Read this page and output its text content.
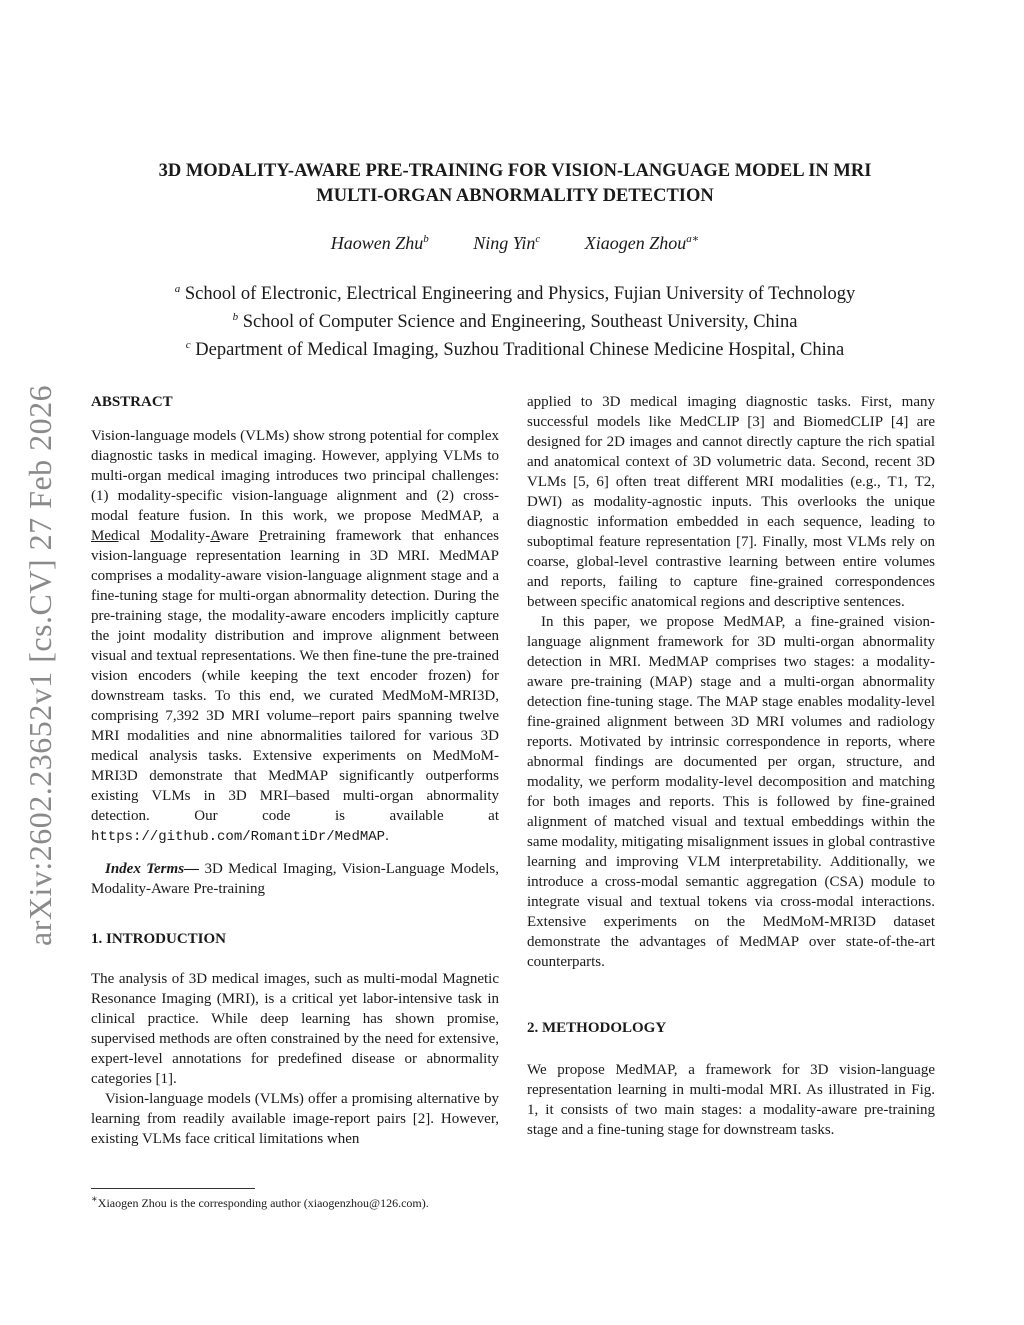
arXiv:2602.23652v1 [cs.CV] 27 Feb 2026
3D MODALITY-AWARE PRE-TRAINING FOR VISION-LANGUAGE MODEL IN MRI
MULTI-ORGAN ABNORMALITY DETECTION
Haowen Zhu$^b$ Ning Yin$^c$ Xiaogen Zhou$^{a∗}$
$^a$ School of Electronic, Electrical Engineering and Physics, Fujian University of Technology
$^b$ School of Computer Science and Engineering, Southeast University, China
$^c$ Department of Medical Imaging, Suzhou Traditional Chinese Medicine Hospital, China

ABSTRACT

Vision-language models (VLMs) show strong potential for complex diagnostic tasks in medical imaging. However, applying VLMs to multi-organ medical imaging introduces two principal challenges: (1) modality-specific vision-language alignment and (2) cross-modal feature fusion. In this work, we propose MedMAP, a Medical Modality-Aware Pretraining framework that enhances vision-language representation learning in 3D MRI. MedMAP comprises a modality-aware vision-language alignment stage and a fine-tuning stage for multi-organ abnormality detection. During the pre-training stage, the modality-aware encoders implicitly capture the joint modality distribution and improve alignment between visual and textual representations. We then fine-tune the pre-trained vision encoders (while keeping the text encoder frozen) for downstream tasks. To this end, we curated MedMoM-MRI3D, comprising 7,392 3D MRI volume–report pairs spanning twelve MRI modalities and nine abnormalities tailored for various 3D medical analysis tasks. Extensive experiments on MedMoM-MRI3D demonstrate that MedMAP significantly outperforms existing VLMs in 3D MRI–based multi-organ abnormality detection. Our code is available at https://github.com/RomantiDr/MedMAP.

Index Terms— 3D Medical Imaging, Vision-Language Models, Modality-Aware Pre-training

1. INTRODUCTION

The analysis of 3D medical images, such as multi-modal Magnetic Resonance Imaging (MRI), is a critical yet labor-intensive task in clinical practice. While deep learning has shown promise, supervised methods are often constrained by the need for extensive, expert-level annotations for predefined disease or abnormality categories [1].

Vision-language models (VLMs) offer a promising alternative by learning from readily available image-report pairs [2]. However, existing VLMs face critical limitations when

applied to 3D medical imaging diagnostic tasks. First, many successful models like MedCLIP [3] and BiomedCLIP [4] are designed for 2D images and cannot directly capture the rich spatial and anatomical context of 3D volumetric data. Second, recent 3D VLMs [5, 6] often treat different MRI modalities (e.g., T1, T2, DWI) as modality-agnostic inputs. This overlooks the unique diagnostic information embedded in each sequence, leading to suboptimal feature representation [7]. Finally, most VLMs rely on coarse, global-level contrastive learning between entire volumes and reports, failing to capture fine-grained correspondences between specific anatomical regions and descriptive sentences.

In this paper, we propose MedMAP, a fine-grained vision-language alignment framework for 3D multi-organ abnormality detection in MRI. MedMAP comprises two stages: a modality-aware pre-training (MAP) stage and a multi-organ abnormality detection fine-tuning stage. The MAP stage enables modality-level fine-grained alignment between 3D MRI volumes and radiology reports. Motivated by intrinsic correspondence in reports, where abnormal findings are documented per organ, structure, and modality, we perform modality-level decomposition and matching for both images and reports. This is followed by fine-grained alignment of matched visual and textual embeddings within the same modality, mitigating misalignment issues in global contrastive learning and improving VLM interpretability. Additionally, we introduce a cross-modal semantic aggregation (CSA) module to integrate visual and textual tokens via cross-modal interactions. Extensive experiments on the MedMoM-MRI3D dataset demonstrate the advantages of MedMAP over state-of-the-art counterparts.

2. METHODOLOGY

We propose MedMAP, a framework for 3D vision-language representation learning in multi-modal MRI. As illustrated in Fig. 1, it consists of two main stages: a modality-aware pre-training stage and a fine-tuning stage for downstream tasks.

∗Xiaogen Zhou is the corresponding author (xiaogenzhou@126.com).
